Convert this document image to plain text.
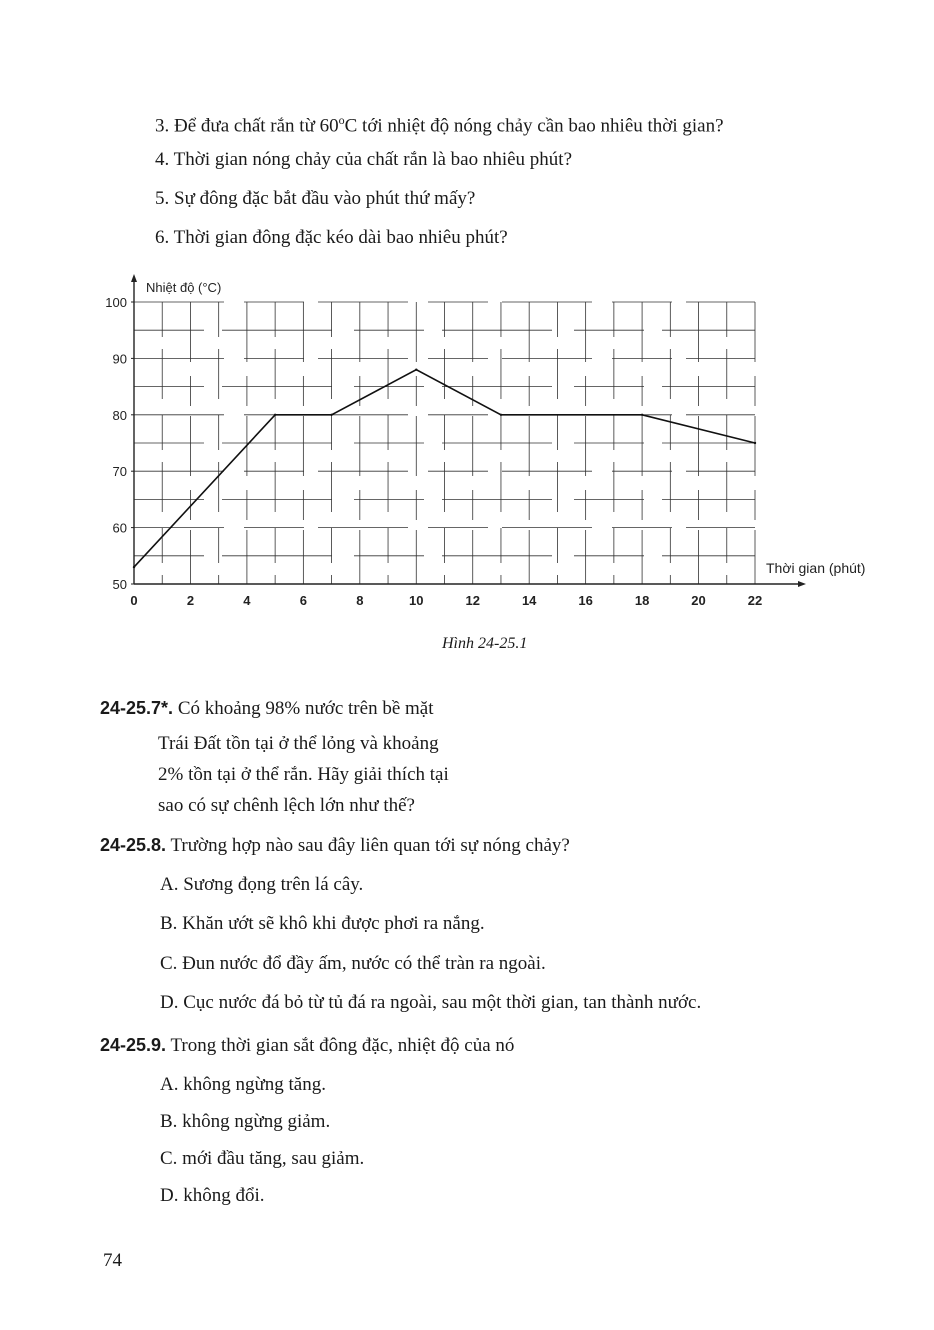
3. Để đưa chất rắn từ 60$^o$C tới nhiệt độ nóng chảy cần bao nhiêu thời gian?
4. Thời gian nóng chảy của chất rắn là bao nhiêu phút?
5. Sự đông đặc bắt đầu vào phút thứ mấy?
6. Thời gian đông đặc kéo dài bao nhiêu phút?
Nhiệt độ (°C)
Thời gian (phút)
50
60
70
80
90
100
0	2	4	6	8	10	12	14	16	18	20	22
Hình 24-25.1
24-25.7*. Có khoảng 98% nước trên bề mặt
Trái Đất tồn tại ở thể lỏng và khoảng
2% tồn tại ở thể rắn. Hãy giải thích tại
sao có sự chênh lệch lớn như thế?
24-25.8. Trường hợp nào sau đây liên quan tới sự nóng chảy?
A. Sương đọng trên lá cây.
B. Khăn ướt sẽ khô khi được phơi ra nắng.
C. Đun nước đổ đầy ấm, nước có thể tràn ra ngoài.
D. Cục nước đá bỏ từ tủ đá ra ngoài, sau một thời gian, tan thành nước.
24-25.9. Trong thời gian sắt đông đặc, nhiệt độ của nó
A. không ngừng tăng.
B. không ngừng giảm.
C. mới đầu tăng, sau giảm.
D. không đổi.
74
